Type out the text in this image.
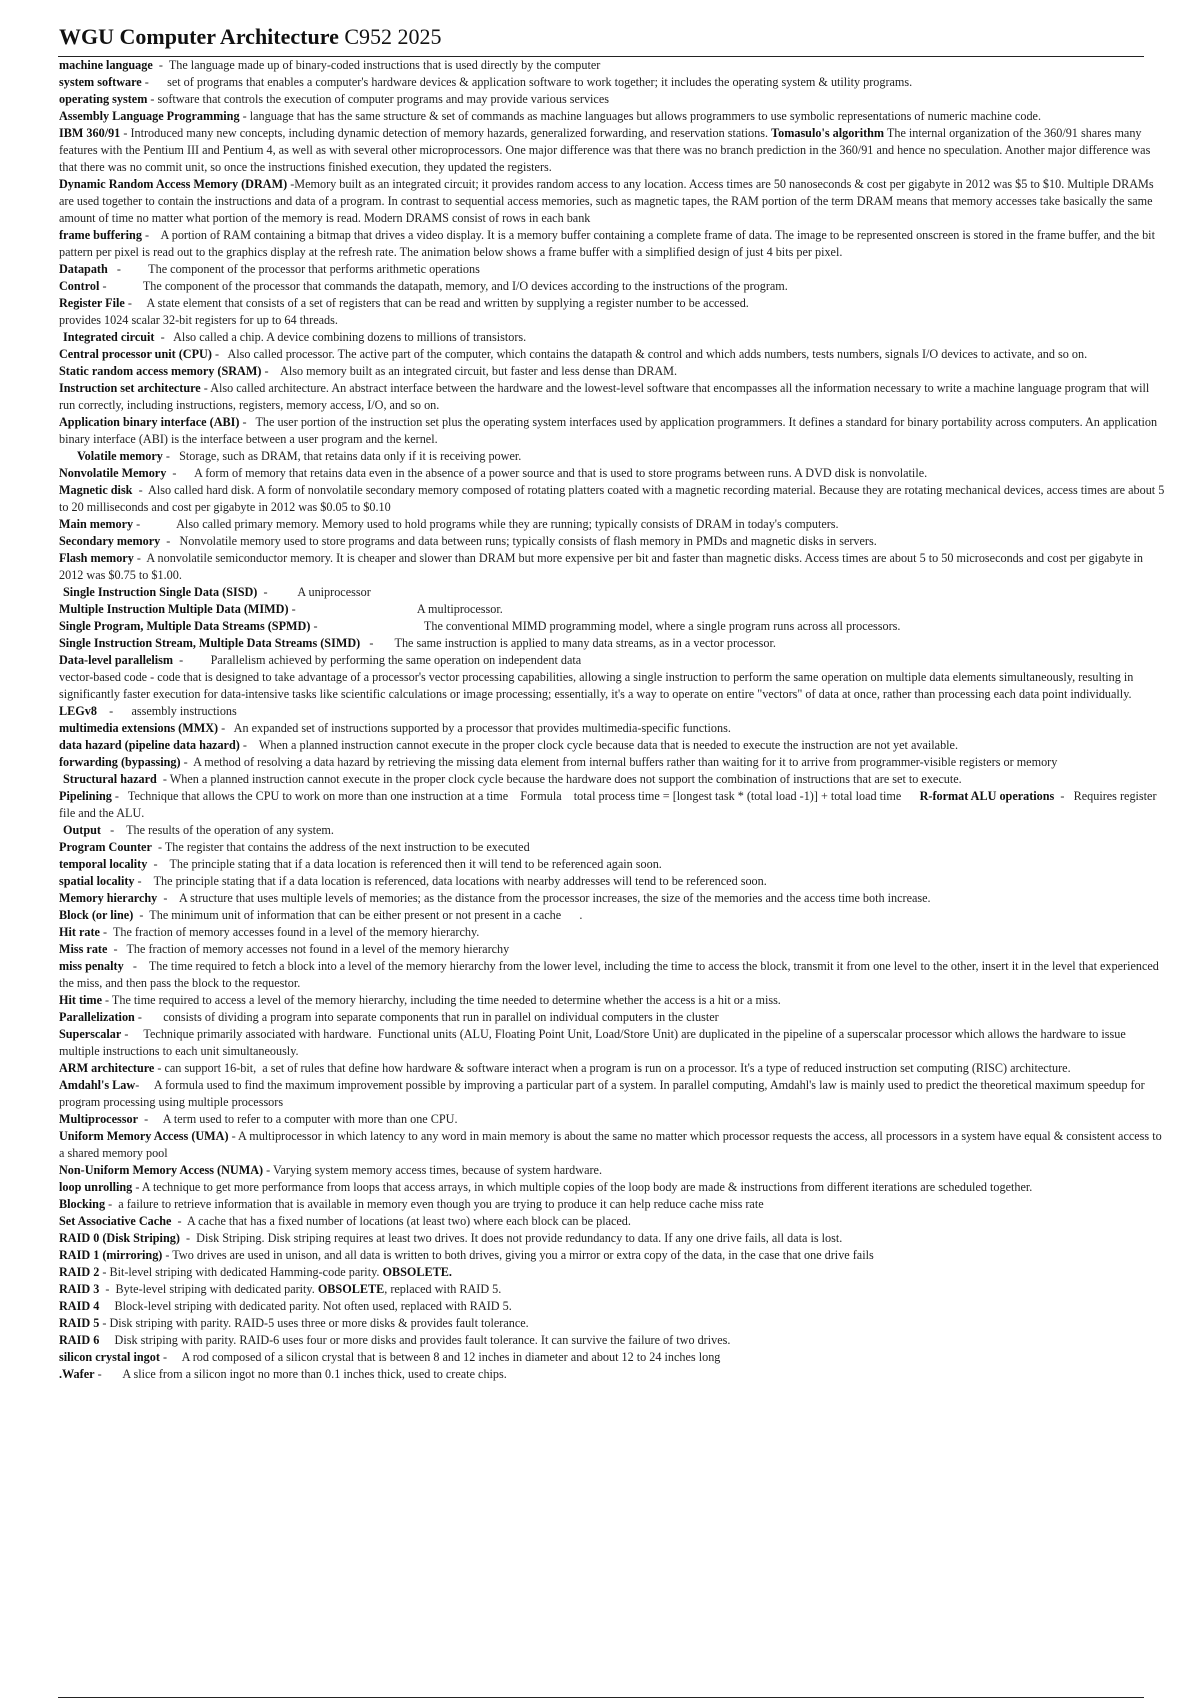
WGU Computer Architecture C952 2025

machine language  -  The language made up of binary-coded instructions that is used directly by the computer

system software -      set of programs that enables a computer's hardware devices & application software to work together; it includes the operating system & utility programs.

operating system - software that controls the execution of computer programs and may provide various services

Assembly Language Programming - language that has the same structure & set of commands as machine languages but allows programmers to use symbolic representations of numeric machine code.

IBM 360/91 - Introduced many new concepts, including dynamic detection of memory hazards, generalized forwarding, and reservation stations. Tomasulo's algorithm The internal organization of the 360/91 shares many features with the Pentium III and Pentium 4, as well as with several other microprocessors. One major difference was that there was no branch prediction in the 360/91 and hence no speculation. Another major difference was that there was no commit unit, so once the instructions finished execution, they updated the registers.

Dynamic Random Access Memory (DRAM) -Memory built as an integrated circuit; it provides random access to any location. Access times are 50 nanoseconds & cost per gigabyte in 2012 was $5 to $10. Multiple DRAMs are used together to contain the instructions and data of a program. In contrast to sequential access memories, such as magnetic tapes, the RAM portion of the term DRAM means that memory accesses take basically the same amount of time no matter what portion of the memory is read. Modern DRAMS consist of rows in each bank

frame buffering -    A portion of RAM containing a bitmap that drives a video display. It is a memory buffer containing a complete frame of data. The image to be represented onscreen is stored in the frame buffer, and the bit pattern per pixel is read out to the graphics display at the refresh rate. The animation below shows a frame buffer with a simplified design of just 4 bits per pixel.

Datapath   -         The component of the processor that performs arithmetic operations

Control -            The component of the processor that commands the datapath, memory, and I/O devices according to the instructions of the program.

Register File -     A state element that consists of a set of registers that can be read and written by supplying a register number to be accessed.

provides 1024 scalar 32-bit registers for up to 64 threads.

Integrated circuit  -   Also called a chip. A device combining dozens to millions of transistors.

Central processor unit (CPU) -   Also called processor. The active part of the computer, which contains the datapath & control and which adds numbers, tests numbers, signals I/O devices to activate, and so on.

Static random access memory (SRAM) -    Also memory built as an integrated circuit, but faster and less dense than DRAM.

Instruction set architecture - Also called architecture. An abstract interface between the hardware and the lowest-level software that encompasses all the information necessary to write a machine language program that will run correctly, including instructions, registers, memory access, I/O, and so on.

Application binary interface (ABI) -   The user portion of the instruction set plus the operating system interfaces used by application programmers. It defines a standard for binary portability across computers. An application binary interface (ABI) is the interface between a user program and the kernel.

Volatile memory -   Storage, such as DRAM, that retains data only if it is receiving power.

Nonvolatile Memory  -      A form of memory that retains data even in the absence of a power source and that is used to store programs between runs. A DVD disk is nonvolatile.

Magnetic disk  -  Also called hard disk. A form of nonvolatile secondary memory composed of rotating platters coated with a magnetic recording material. Because they are rotating mechanical devices, access times are about 5 to 20 milliseconds and cost per gigabyte in 2012 was $0.05 to $0.10

Main memory -            Also called primary memory. Memory used to hold programs while they are running; typically consists of DRAM in today's computers.

Secondary memory  -   Nonvolatile memory used to store programs and data between runs; typically consists of flash memory in PMDs and magnetic disks in servers.

Flash memory -  A nonvolatile semiconductor memory. It is cheaper and slower than DRAM but more expensive per bit and faster than magnetic disks. Access times are about 5 to 50 microseconds and cost per gigabyte in 2012 was $0.75 to $1.00.

Single Instruction Single Data (SISD)  -          A uniprocessor

Multiple Instruction Multiple Data (MIMD) -                                        A multiprocessor.

Single Program, Multiple Data Streams (SPMD) -                                   The conventional MIMD programming model, where a single program runs across all processors.

Single Instruction Stream, Multiple Data Streams (SIMD)   -       The same instruction is applied to many data streams, as in a vector processor.

Data-level parallelism  -         Parallelism achieved by performing the same operation on independent data

vector-based code - code that is designed to take advantage of a processor's vector processing capabilities, allowing a single instruction to perform the same operation on multiple data elements simultaneously, resulting in significantly faster execution for data-intensive tasks like scientific calculations or image processing; essentially, it's a way to operate on entire "vectors" of data at once, rather than processing each data point individually.

LEGv8    -      assembly instructions

multimedia extensions (MMX) -   An expanded set of instructions supported by a processor that provides multimedia-specific functions.

data hazard (pipeline data hazard) -    When a planned instruction cannot execute in the proper clock cycle because data that is needed to execute the instruction are not yet available.

forwarding (bypassing) -  A method of resolving a data hazard by retrieving the missing data element from internal buffers rather than waiting for it to arrive from programmer-visible registers or memory

Structural hazard  - When a planned instruction cannot execute in the proper clock cycle because the hardware does not support the combination of instructions that are set to execute.

Pipelining -   Technique that allows the CPU to work on more than one instruction at a time    Formula    total process time = [longest task * (total load -1)] + total load time      R-format ALU operations  -   Requires register file and the ALU.

Output   -    The results of the operation of any system.

Program Counter  - The register that contains the address of the next instruction to be executed

temporal locality  -    The principle stating that if a data location is referenced then it will tend to be referenced again soon.

spatial locality -    The principle stating that if a data location is referenced, data locations with nearby addresses will tend to be referenced soon.

Memory hierarchy  -    A structure that uses multiple levels of memories; as the distance from the processor increases, the size of the memories and the access time both increase.

Block (or line)  -  The minimum unit of information that can be either present or not present in a cache      .

Hit rate -  The fraction of memory accesses found in a level of the memory hierarchy.

Miss rate  -   The fraction of memory accesses not found in a level of the memory hierarchy

miss penalty   -    The time required to fetch a block into a level of the memory hierarchy from the lower level, including the time to access the block, transmit it from one level to the other, insert it in the level that experienced the miss, and then pass the block to the requestor.

Hit time - The time required to access a level of the memory hierarchy, including the time needed to determine whether the access is a hit or a miss.

Parallelization -       consists of dividing a program into separate components that run in parallel on individual computers in the cluster

Superscalar -     Technique primarily associated with hardware.  Functional units (ALU, Floating Point Unit, Load/Store Unit) are duplicated in the pipeline of a superscalar processor which allows the hardware to issue multiple instructions to each unit simultaneously.

ARM architecture - can support 16-bit,  a set of rules that define how hardware & software interact when a program is run on a processor. It's a type of reduced instruction set computing (RISC) architecture.

Amdahl's Law-     A formula used to find the maximum improvement possible by improving a particular part of a system. In parallel computing, Amdahl's law is mainly used to predict the theoretical maximum speedup for program processing using multiple processors

Multiprocessor  -     A term used to refer to a computer with more than one CPU.

Uniform Memory Access (UMA) - A multiprocessor in which latency to any word in main memory is about the same no matter which processor requests the access, all processors in a system have equal & consistent access to a shared memory pool

Non-Uniform Memory Access (NUMA) - Varying system memory access times, because of system hardware.

loop unrolling - A technique to get more performance from loops that access arrays, in which multiple copies of the loop body are made & instructions from different iterations are scheduled together.

Blocking -  a failure to retrieve information that is available in memory even though you are trying to produce it can help reduce cache miss rate

Set Associative Cache  -  A cache that has a fixed number of locations (at least two) where each block can be placed.

RAID 0 (Disk Striping)  -  Disk Striping. Disk striping requires at least two drives. It does not provide redundancy to data. If any one drive fails, all data is lost.

RAID 1 (mirroring) - Two drives are used in unison, and all data is written to both drives, giving you a mirror or extra copy of the data, in the case that one drive fails

RAID 2 - Bit-level striping with dedicated Hamming-code parity. OBSOLETE.

RAID 3  -  Byte-level striping with dedicated parity. OBSOLETE, replaced with RAID 5.

RAID 4 Block-level striping with dedicated parity. Not often used, replaced with RAID 5.

RAID 5 - Disk striping with parity. RAID-5 uses three or more disks & provides fault tolerance.

RAID 6 Disk striping with parity. RAID-6 uses four or more disks and provides fault tolerance. It can survive the failure of two drives.

silicon crystal ingot -     A rod composed of a silicon crystal that is between 8 and 12 inches in diameter and about 12 to 24 inches long

.Wafer -       A slice from a silicon ingot no more than 0.1 inches thick, used to create chips.
